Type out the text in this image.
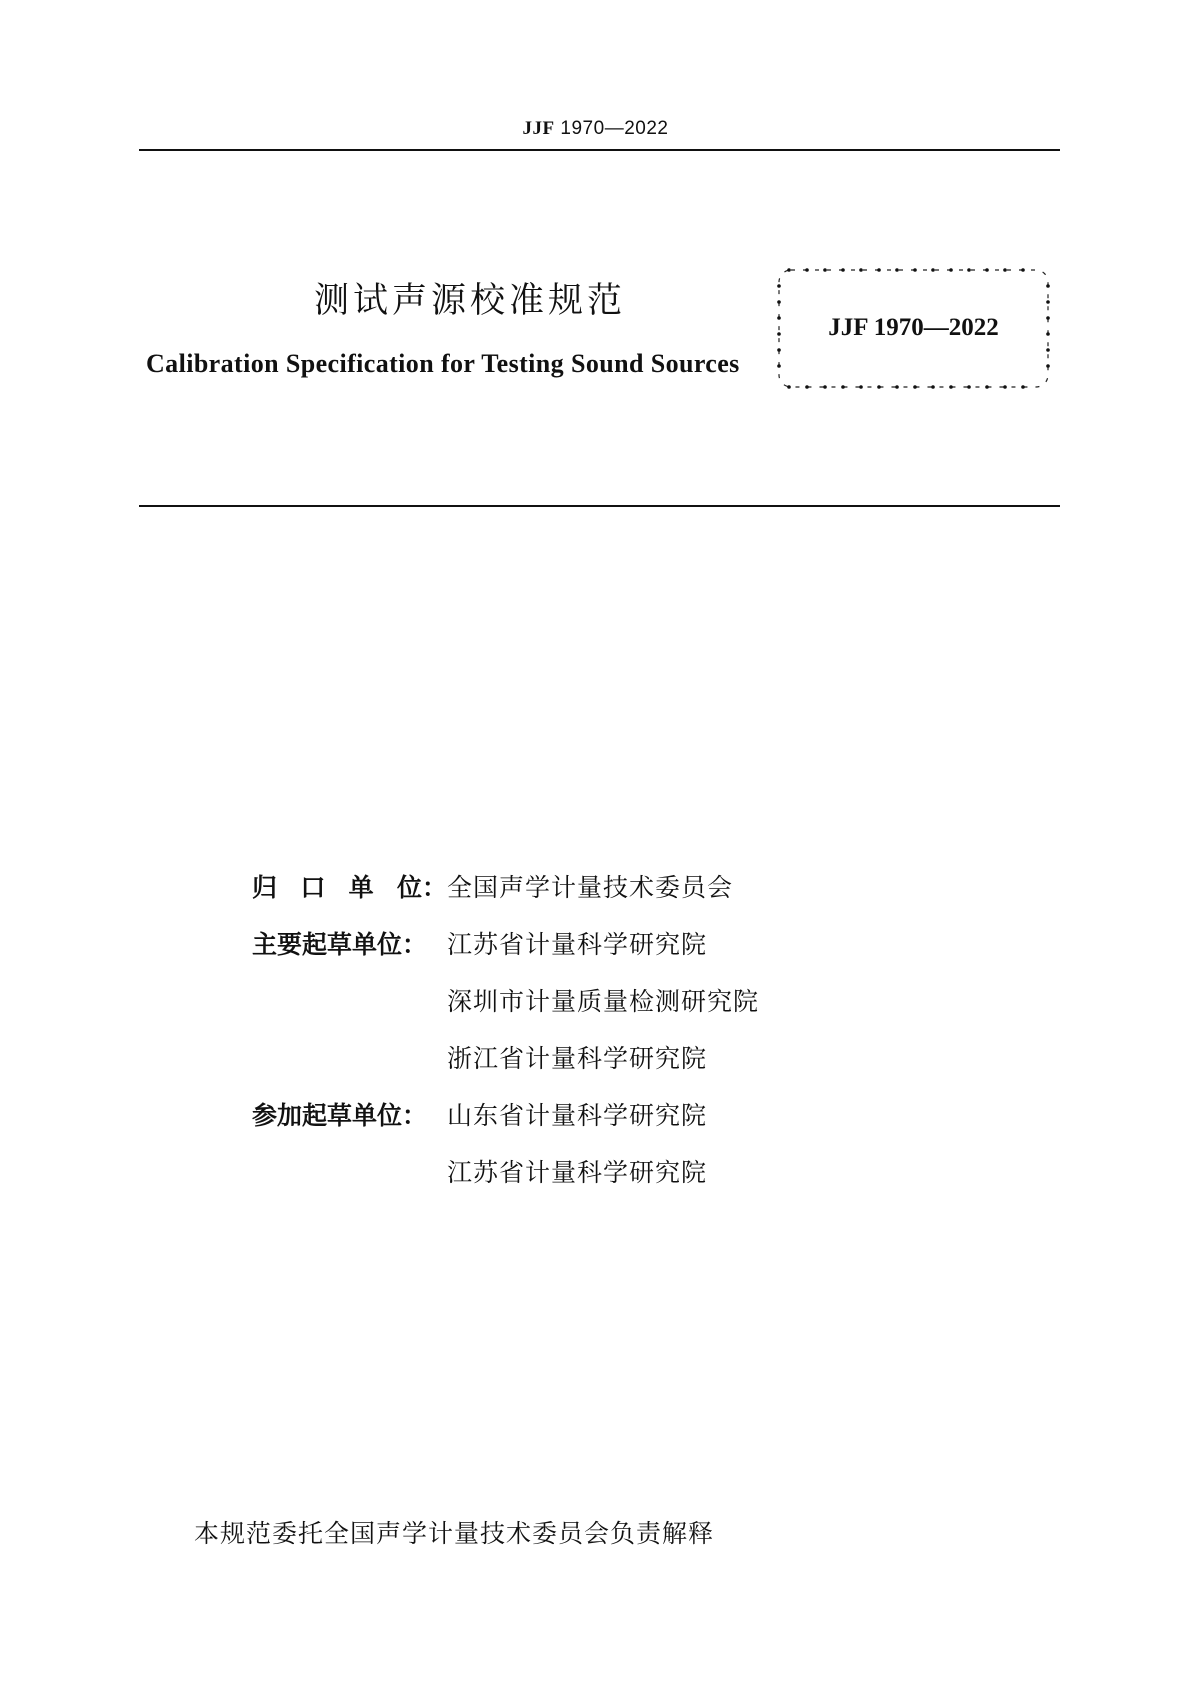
JJF 1970—2022
测试声源校准规范
Calibration Specification for Testing Sound Sources
JJF 1970—2022
归 口 单 位： 全国声学计量技术委员会
主要起草单位： 江苏省计量科学研究院
深圳市计量质量检测研究院
浙江省计量科学研究院
参加起草单位： 山东省计量科学研究院
江苏省计量科学研究院
本规范委托全国声学计量技术委员会负责解释
